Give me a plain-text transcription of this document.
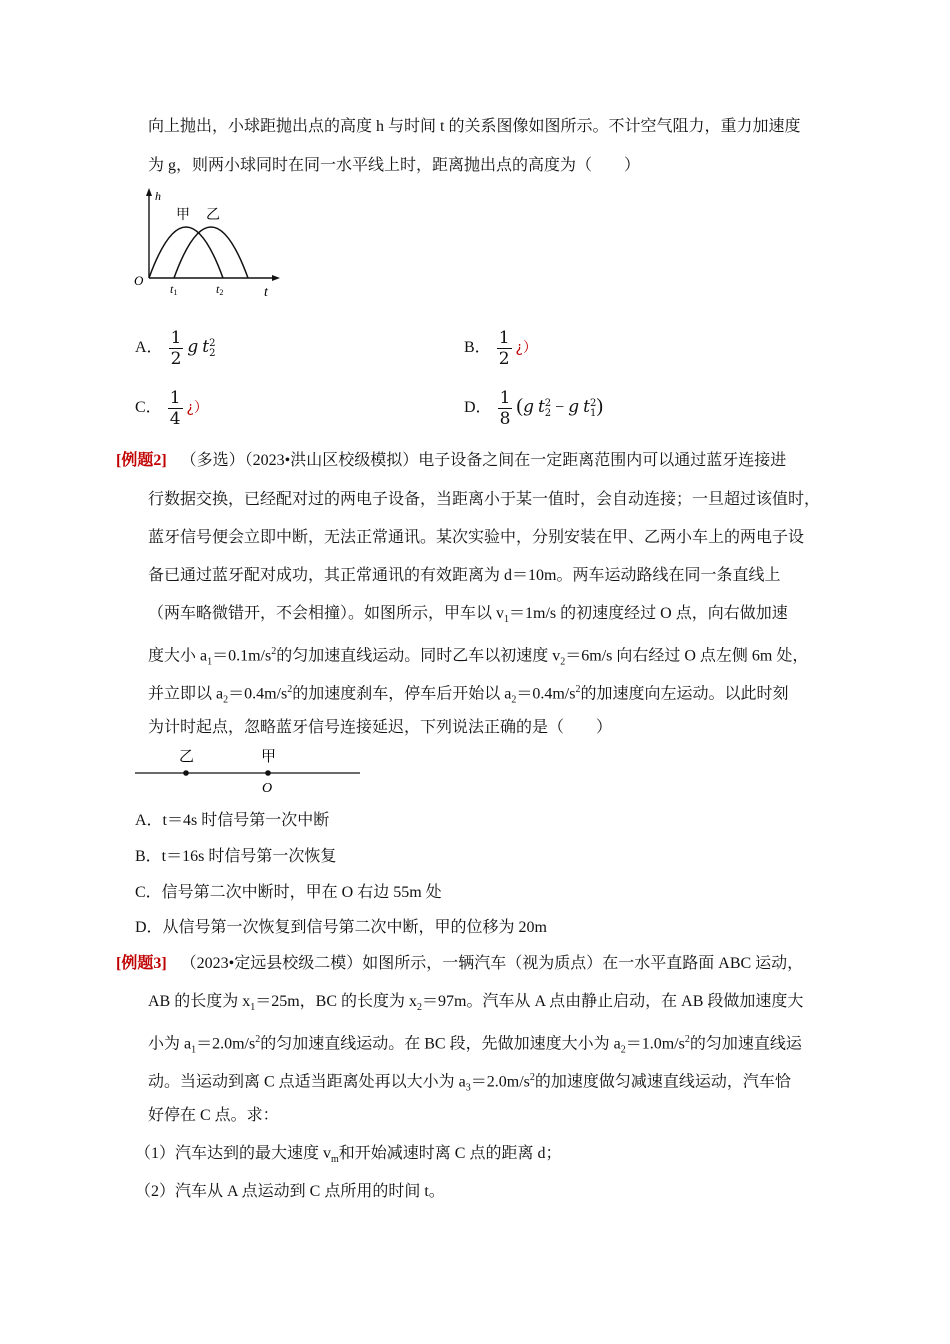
向上抛出，小球距抛出点的高度 h 与时间 t 的关系图像如图所示。不计空气阻力，重力加速度
为 g，则两小球同时在同一水平线上时，距离抛出点的高度为（　　）
h
t
O
甲 乙
t1	t2
A． $\frac{1}{2}$ g t 2
2	B． $\frac{1}{2}$ ¿）
C． $\frac{1}{4}$ ¿）	D． $\frac{1}{8} (g$ t 2
2 − g t 2
1 )
[例题2] （多选）（2023•洪山区校级模拟）电子设备之间在一定距离范围内可以通过蓝牙连接进
行数据交换，已经配对过的两电子设备，当距离小于某一值时，会自动连接；一旦超过该值时，
蓝牙信号便会立即中断，无法正常通讯。某次实验中，分别安装在甲、乙两小车上的两电子设
备已通过蓝牙配对成功，其正常通讯的有效距离为 d＝10m。两车运动路线在同一条直线上
（两车略微错开，不会相撞）。如图所示，甲车以 $v_1=1m/s$ 的初速度经过 O 点，向右做加速
度大小 $a_1=0.1m/s^2$的匀加速直线运动。同时乙车以初速度 $v_2=6m/s$ 向右经过 O 点左侧 6m 处，
并立即以 $a_2=0.4m/s^2$的加速度刹车，停车后开始以 $a_2=0.4m/s^2$的加速度向左运动。以此时刻
为计时起点，忽略蓝牙信号连接延迟，下列说法正确的是（　　）
乙	甲
O
A．t＝4s 时信号第一次中断
B．t＝16s 时信号第一次恢复
C．信号第二次中断时，甲在 O 右边 55m 处
D．从信号第一次恢复到信号第二次中断，甲的位移为 20m
[例题3] （2023•定远县校级二模）如图所示，一辆汽车（视为质点）在一水平直路面 ABC 运动，
AB 的长度为 $x_1=25m$，BC 的长度为 $x_2=97m$。汽车从 A 点由静止启动，在 AB 段做加速度大
小为 $a_1=2.0m/s^2$的匀加速直线运动。在 BC 段，先做加速度大小为 $a_2=1.0m/s^2$的匀加速直线运
动。当运动到离 C 点适当距离处再以大小为 $a_3=2.0m/s^2$的加速度做匀减速直线运动，汽车恰
好停在 C 点。求：
（1）汽车达到的最大速度 $v_m$和开始减速时离 C 点的距离 d；
（2）汽车从 A 点运动到 C 点所用的时间 t。
